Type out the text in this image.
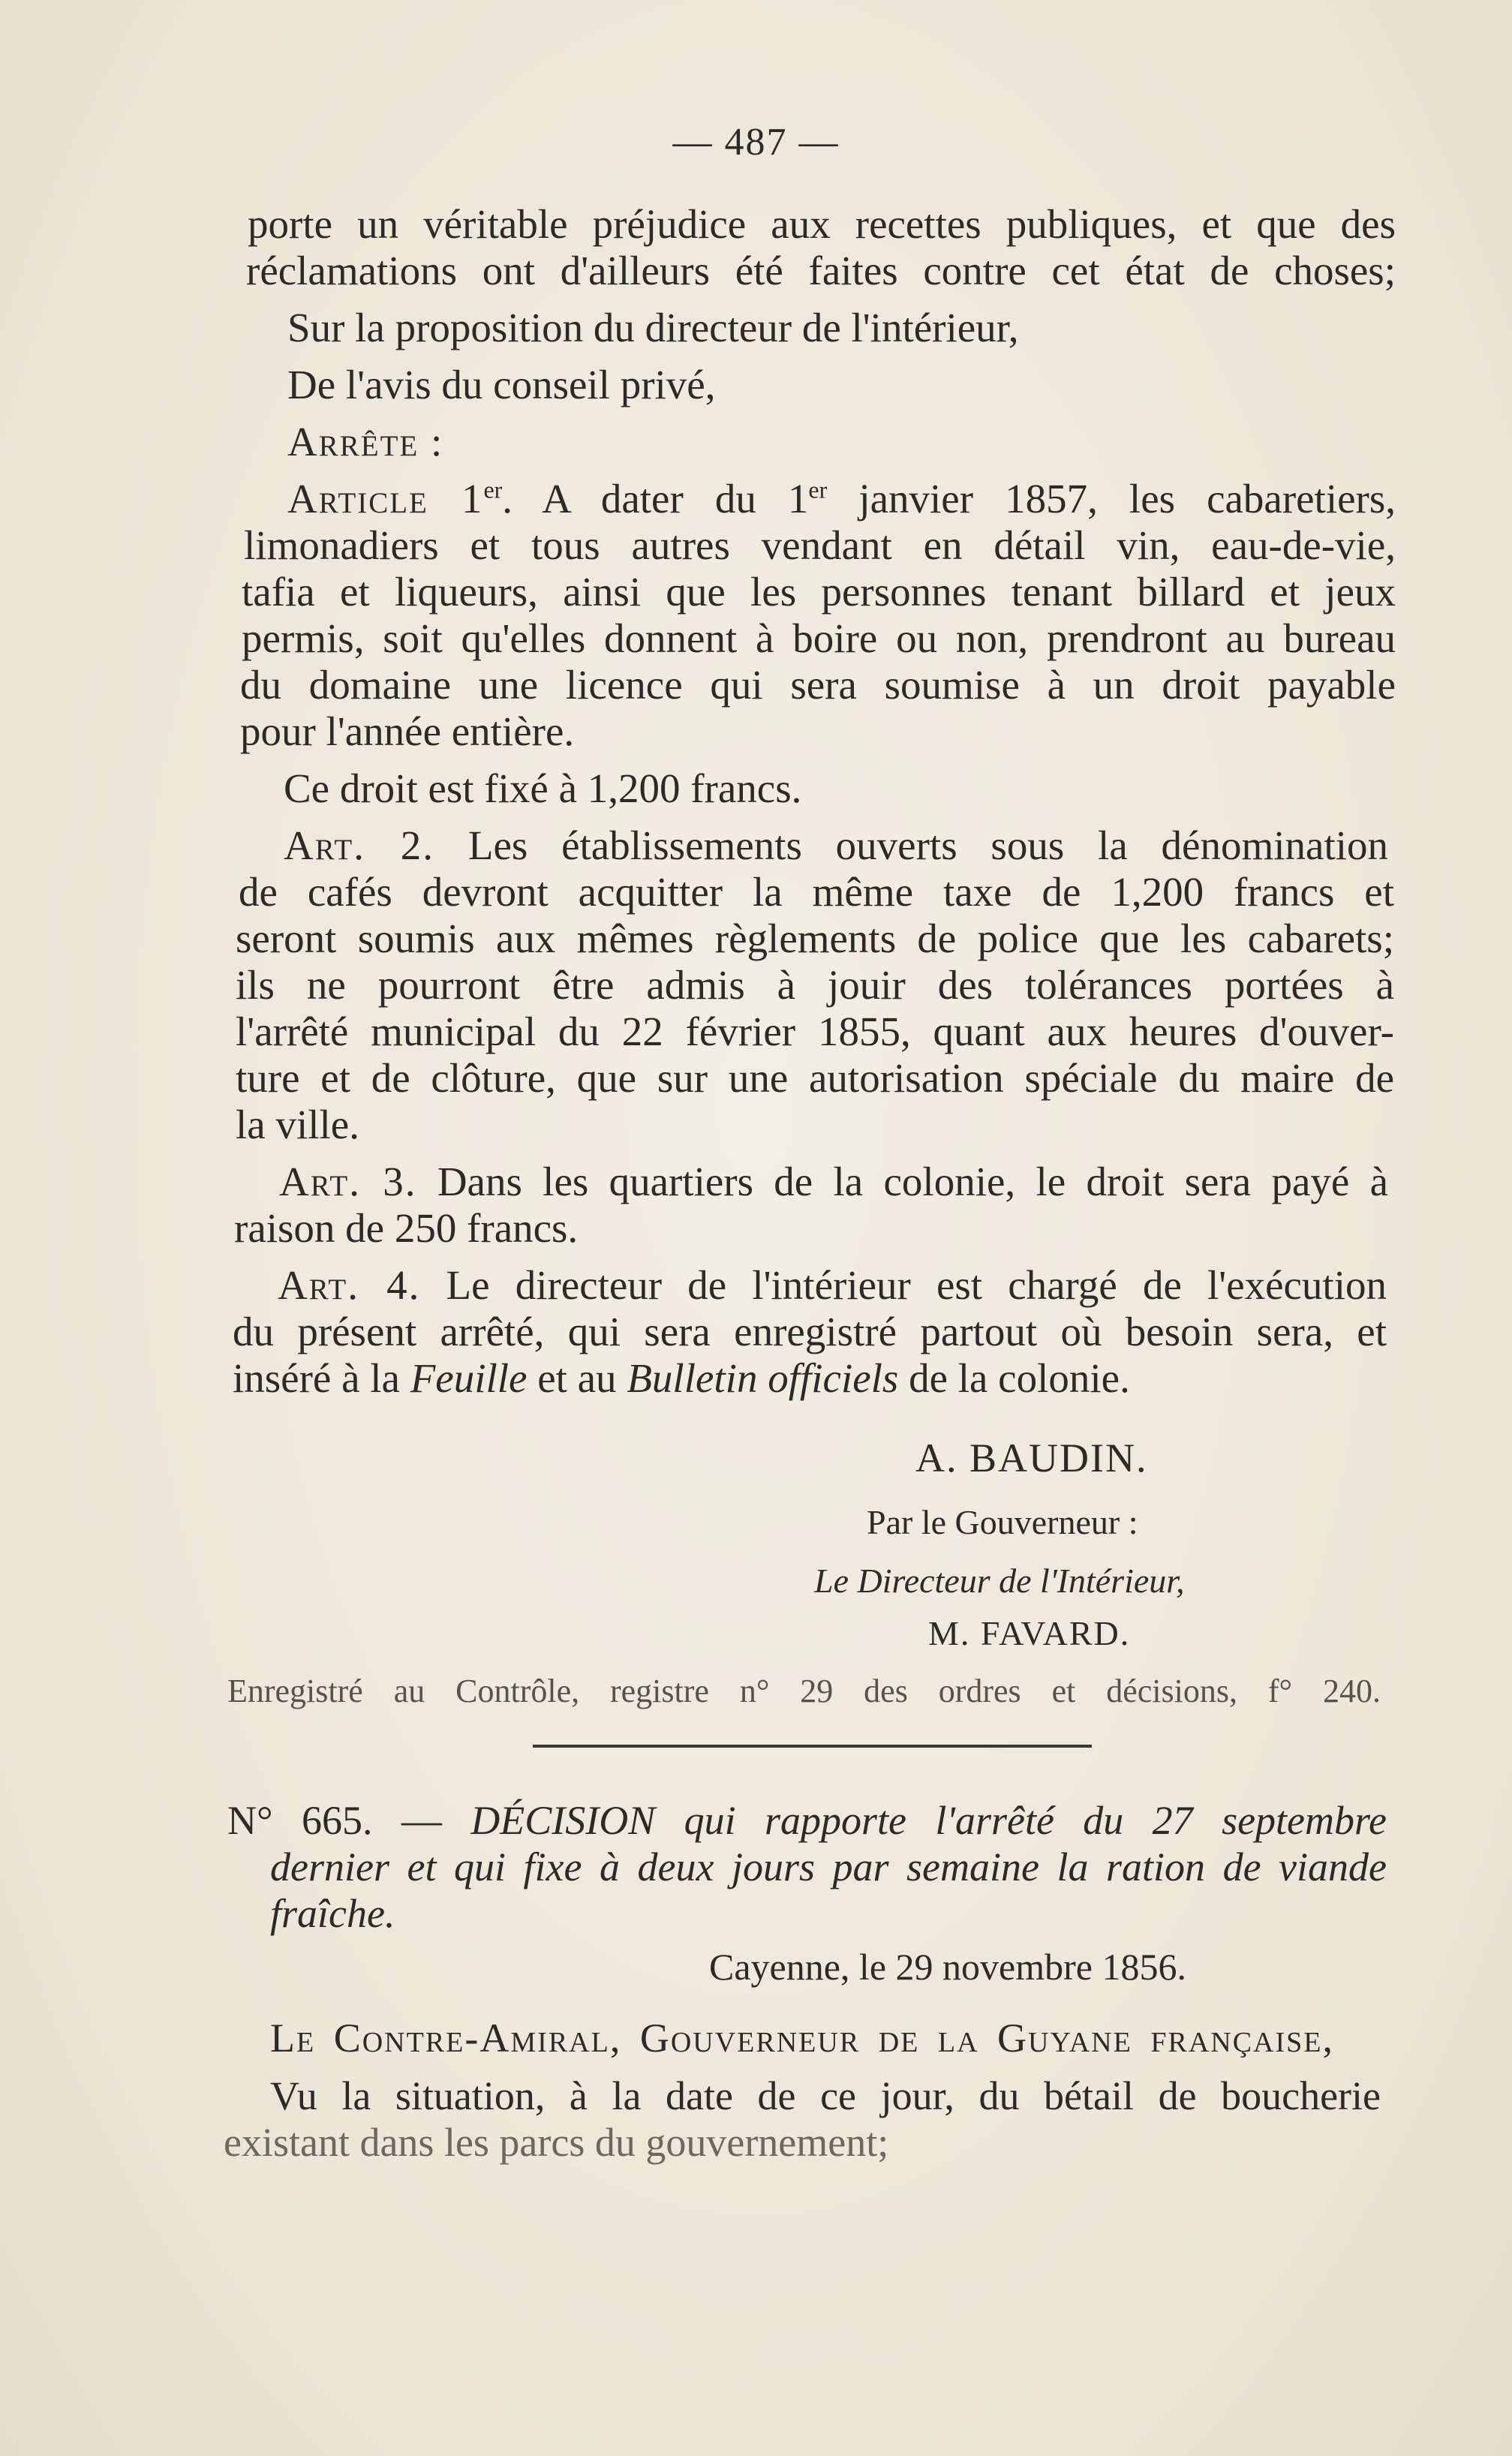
— 487 —
porte un véritable préjudice aux recettes publiques, et que des
réclamations ont d'ailleurs été faites contre cet état de choses;
Sur la proposition du directeur de l'intérieur,
De l'avis du conseil privé,
Arrête :
Article 1er. A dater du 1er janvier 1857, les cabaretiers,
limonadiers et tous autres vendant en détail vin, eau-de-vie,
tafia et liqueurs, ainsi que les personnes tenant billard et jeux
permis, soit qu'elles donnent à boire ou non, prendront au bureau
du domaine une licence qui sera soumise à un droit payable
pour l'année entière.
Ce droit est fixé à 1,200 francs.
Art. 2. Les établissements ouverts sous la dénomination
de cafés devront acquitter la même taxe de 1,200 francs et
seront soumis aux mêmes règlements de police que les cabarets;
ils ne pourront être admis à jouir des tolérances portées à
l'arrêté municipal du 22 février 1855, quant aux heures d'ouver-
ture et de clôture, que sur une autorisation spéciale du maire de
la ville.
Art. 3. Dans les quartiers de la colonie, le droit sera payé à
raison de 250 francs.
Art. 4. Le directeur de l'intérieur est chargé de l'exécution
du présent arrêté, qui sera enregistré partout où besoin sera, et
inséré à la Feuille et au Bulletin officiels de la colonie.
A. BAUDIN.
Par le Gouverneur :
Le Directeur de l'Intérieur,
M. FAVARD.
Enregistré au Contrôle, registre n° 29 des ordres et décisions, f° 240.
N° 665. — DÉCISION qui rapporte l'arrêté du 27 septembre
dernier et qui fixe à deux jours par semaine la ration de viande
fraîche.
Cayenne, le 29 novembre 1856.
Le Contre-Amiral, Gouverneur de la Guyane française,
Vu la situation, à la date de ce jour, du bétail de boucherie
existant dans les parcs du gouvernement;
